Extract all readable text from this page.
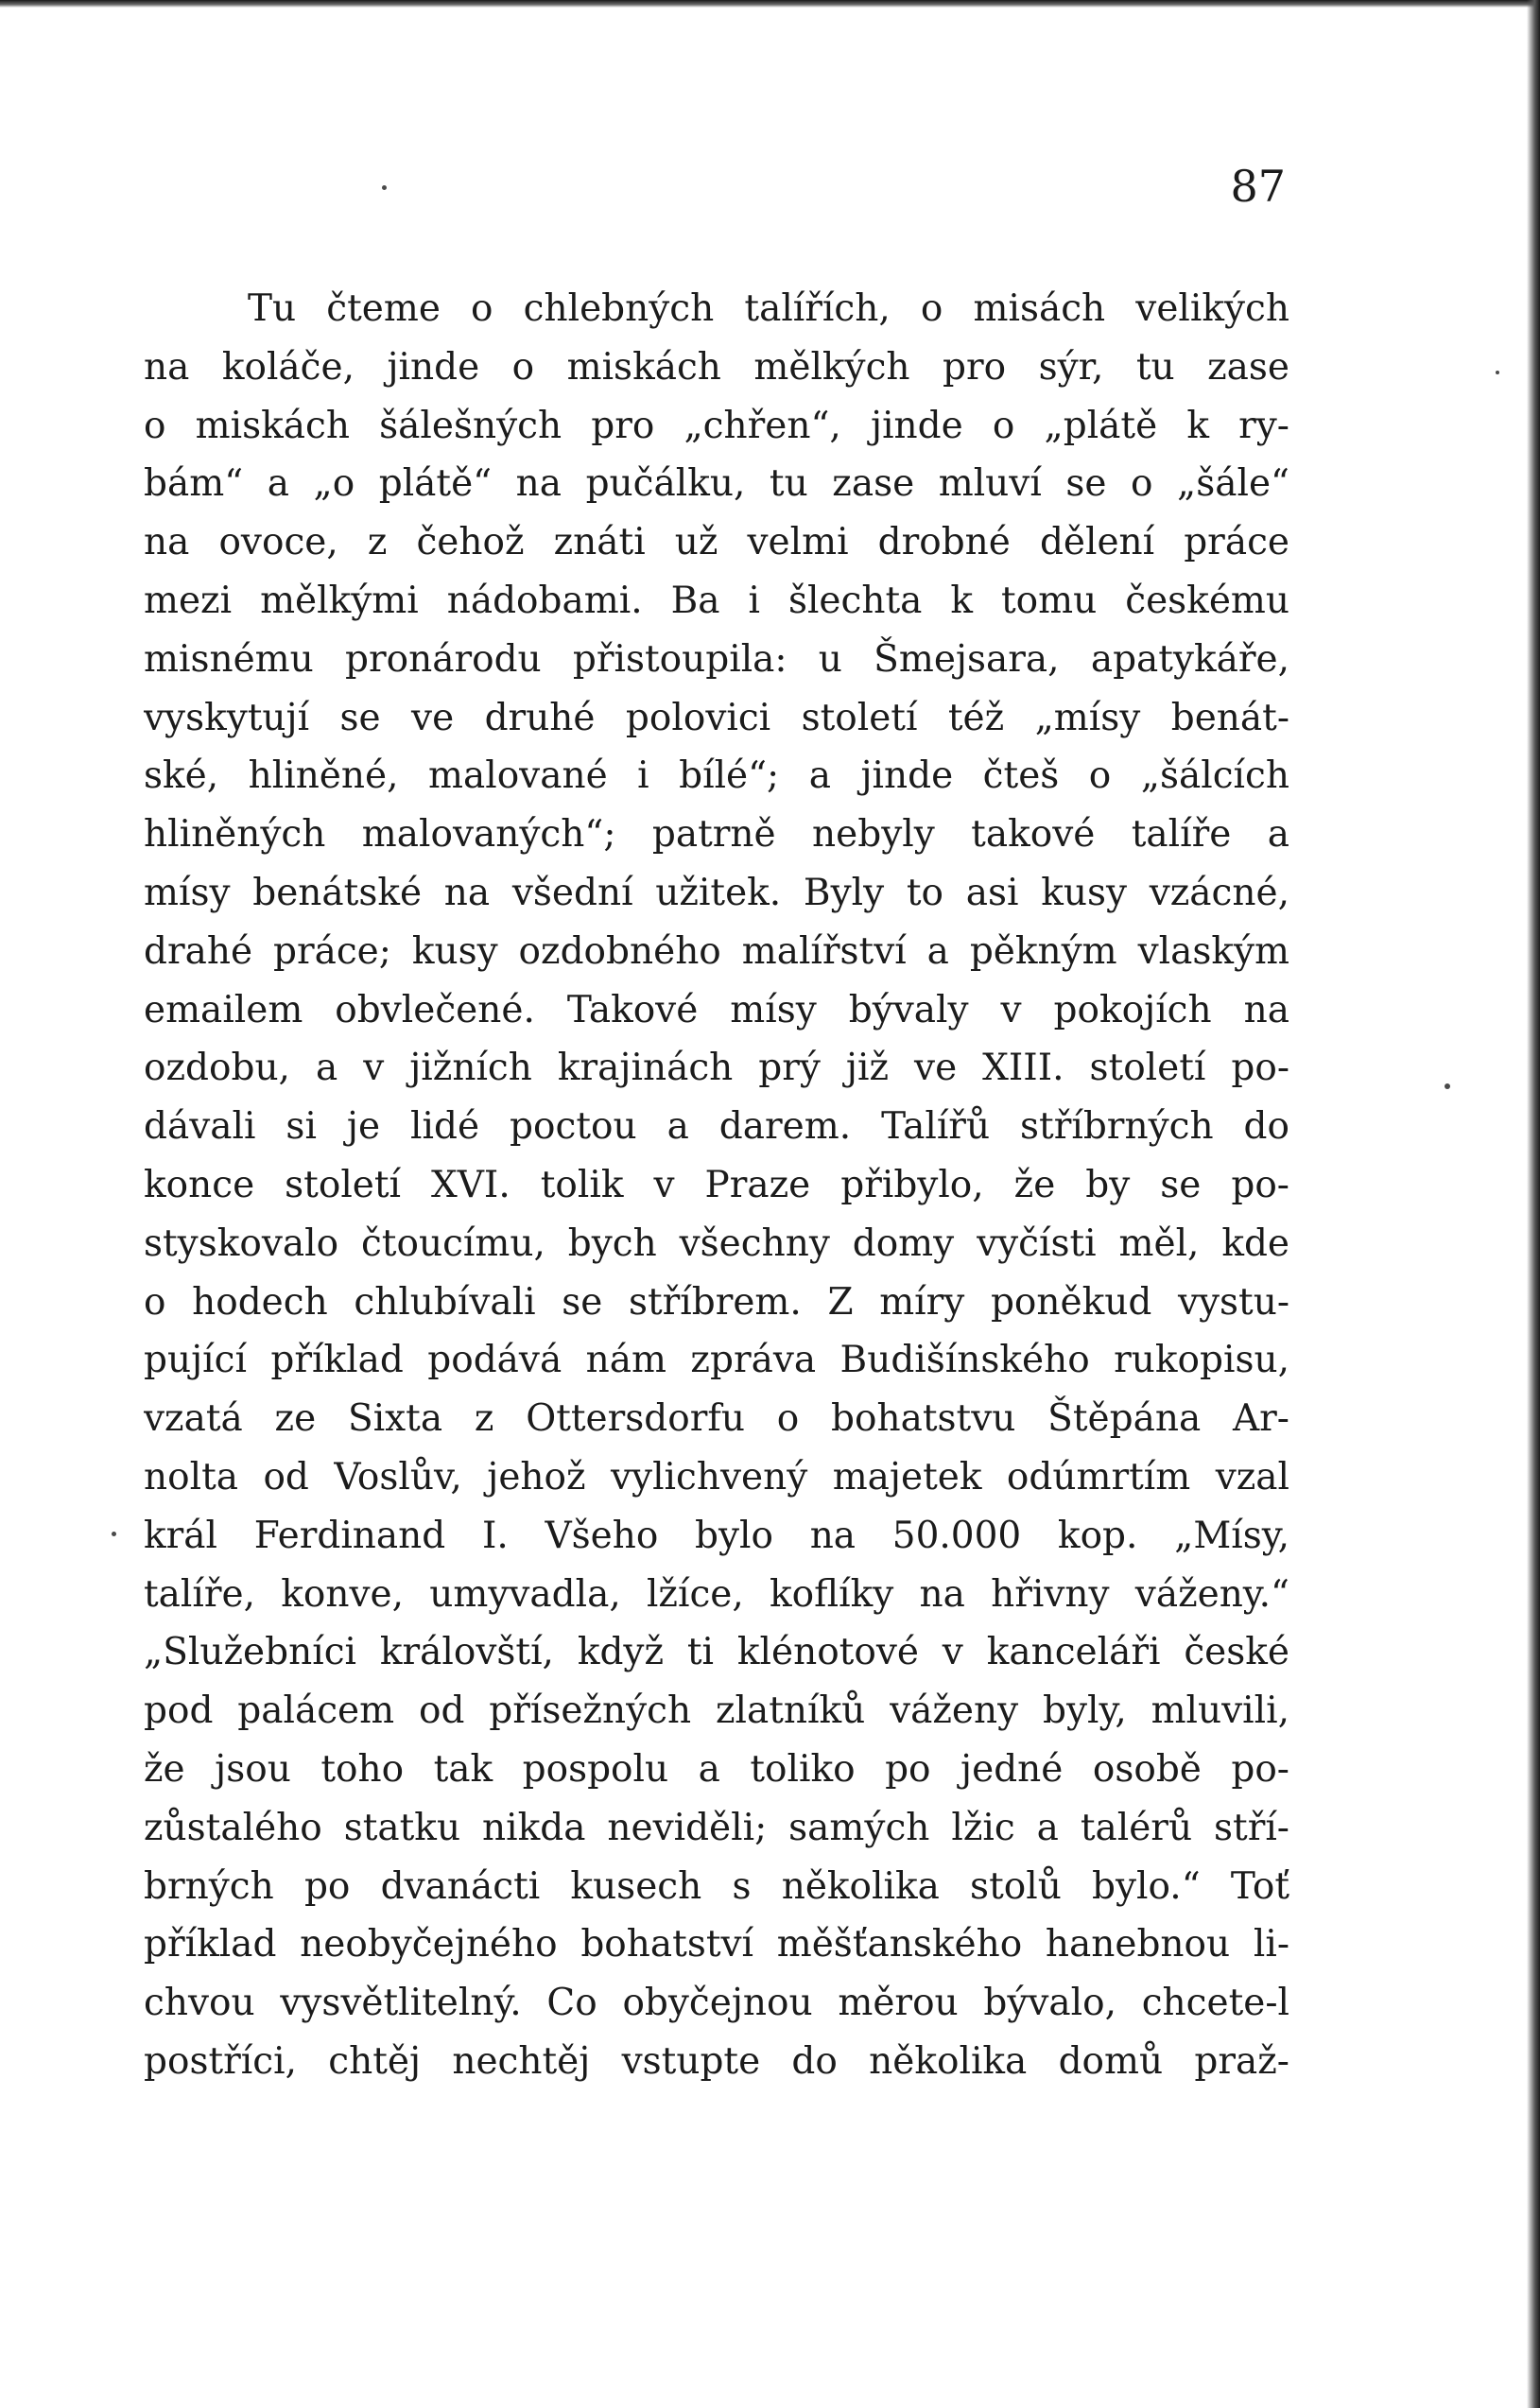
87
Tu čteme o chlebných talířích, o misách velikých
na koláče, jinde o miskách mělkých pro sýr, tu zase
o miskách šálešných pro „chřen“, jinde o „plátě k ry-
bám“ a „o plátě“ na pučálku, tu zase mluví se o „šále“
na ovoce, z čehož znáti už velmi drobné dělení práce
mezi mělkými nádobami. Ba i šlechta k tomu českému
misnému pronárodu přistoupila: u Šmejsara, apatykáře,
vyskytují se ve druhé polovici století též „mísy benát-
ské, hliněné, malované i bílé“; a jinde čteš o „šálcích
hliněných malovaných“; patrně nebyly takové talíře a
mísy benátské na všední užitek. Byly to asi kusy vzácné,
drahé práce; kusy ozdobného malířství a pěkným vlaským
emailem obvlečené. Takové mísy bývaly v pokojích na
ozdobu, a v jižních krajinách prý již ve XIII. století po-
dávali si je lidé poctou a darem. Talířů stříbrných do
konce století XVI. tolik v Praze přibylo, že by se po-
styskovalo čtoucímu, bych všechny domy vyčísti měl, kde
o hodech chlubívali se stříbrem. Z míry poněkud vystu-
pující příklad podává nám zpráva Budišínského rukopisu,
vzatá ze Sixta z Ottersdorfu o bohatstvu Štěpána Ar-
nolta od Voslův, jehož vylichvený majetek odúmrtím vzal
král Ferdinand I. Všeho bylo na 50.000 kop. „Mísy,
talíře, konve, umyvadla, lžíce, koflíky na hřivny váženy.“
„Služebníci královští, když ti klénotové v kanceláři české
pod palácem od přísežných zlatníků váženy byly, mluvili,
že jsou toho tak pospolu a toliko po jedné osobě po-
zůstalého statku nikda neviděli; samých lžic a talérů stří-
brných po dvanácti kusech s několika stolů bylo.“ Toť
příklad neobyčejného bohatství měšťanského hanebnou li-
chvou vysvětlitelný. Co obyčejnou měrou bývalo, chcete-l
postříci, chtěj nechtěj vstupte do několika domů praž-
